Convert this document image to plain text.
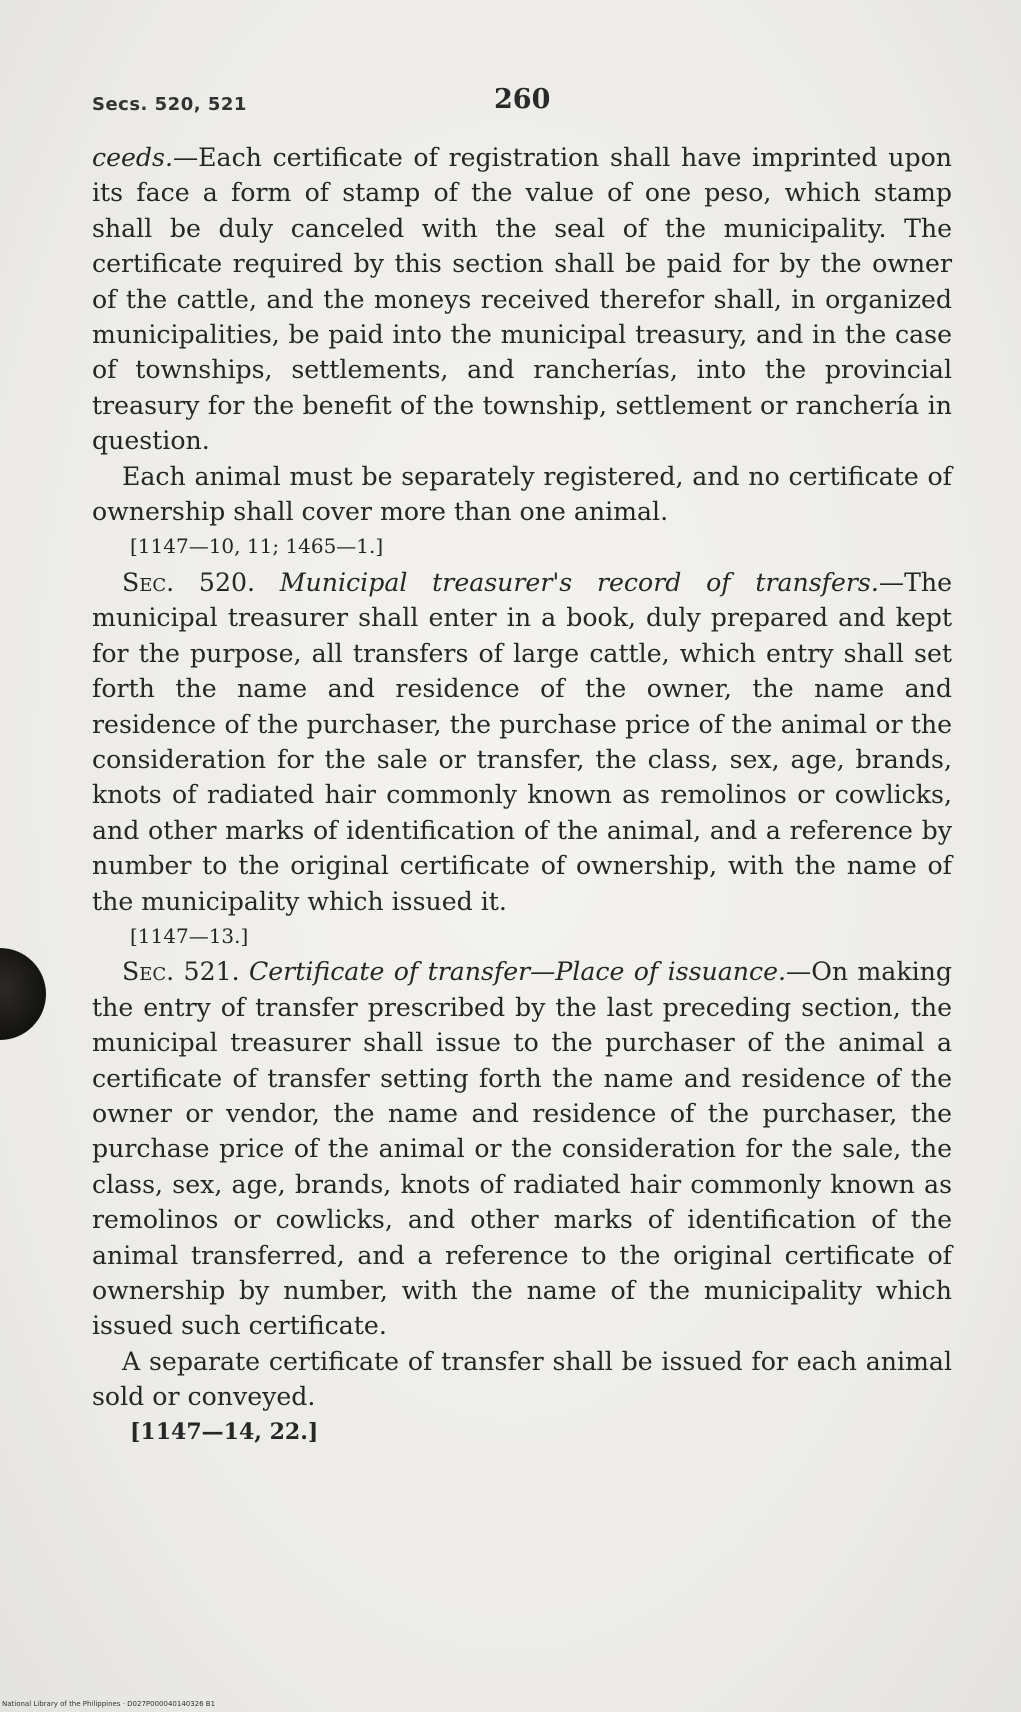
Secs. 520, 521	260

ceeds.—Each certificate of registration shall have imprinted upon its face a form of stamp of the value of one peso, which stamp shall be duly canceled with the seal of the municipality. The certificate required by this section shall be paid for by the owner of the cattle, and the moneys received therefor shall, in organized municipalities, be paid into the municipal treasury, and in the case of townships, settlements, and rancherías, into the provincial treasury for the benefit of the township, settlement or ranchería in question.

Each animal must be separately registered, and no certificate of ownership shall cover more than one animal.

[1147—10, 11; 1465—1.]

Sec. 520. Municipal treasurer's record of transfers.—The municipal treasurer shall enter in a book, duly prepared and kept for the purpose, all transfers of large cattle, which entry shall set forth the name and residence of the owner, the name and residence of the purchaser, the purchase price of the animal or the consideration for the sale or transfer, the class, sex, age, brands, knots of radiated hair commonly known as remolinos or cowlicks, and other marks of identification of the animal, and a reference by number to the original certificate of ownership, with the name of the municipality which issued it.

[1147—13.]

Sec. 521. Certificate of transfer—Place of issuance.—On making the entry of transfer prescribed by the last preceding section, the municipal treasurer shall issue to the purchaser of the animal a certificate of transfer setting forth the name and residence of the owner or vendor, the name and residence of the purchaser, the purchase price of the animal or the consideration for the sale, the class, sex, age, brands, knots of radiated hair commonly known as remolinos or cowlicks, and other marks of identification of the animal transferred, and a reference to the original certificate of ownership by number, with the name of the municipality which issued such certificate.

A separate certificate of transfer shall be issued for each animal sold or conveyed.

[1147—14, 22.]

National Library of the Philippines · D027P000040140326 B1
